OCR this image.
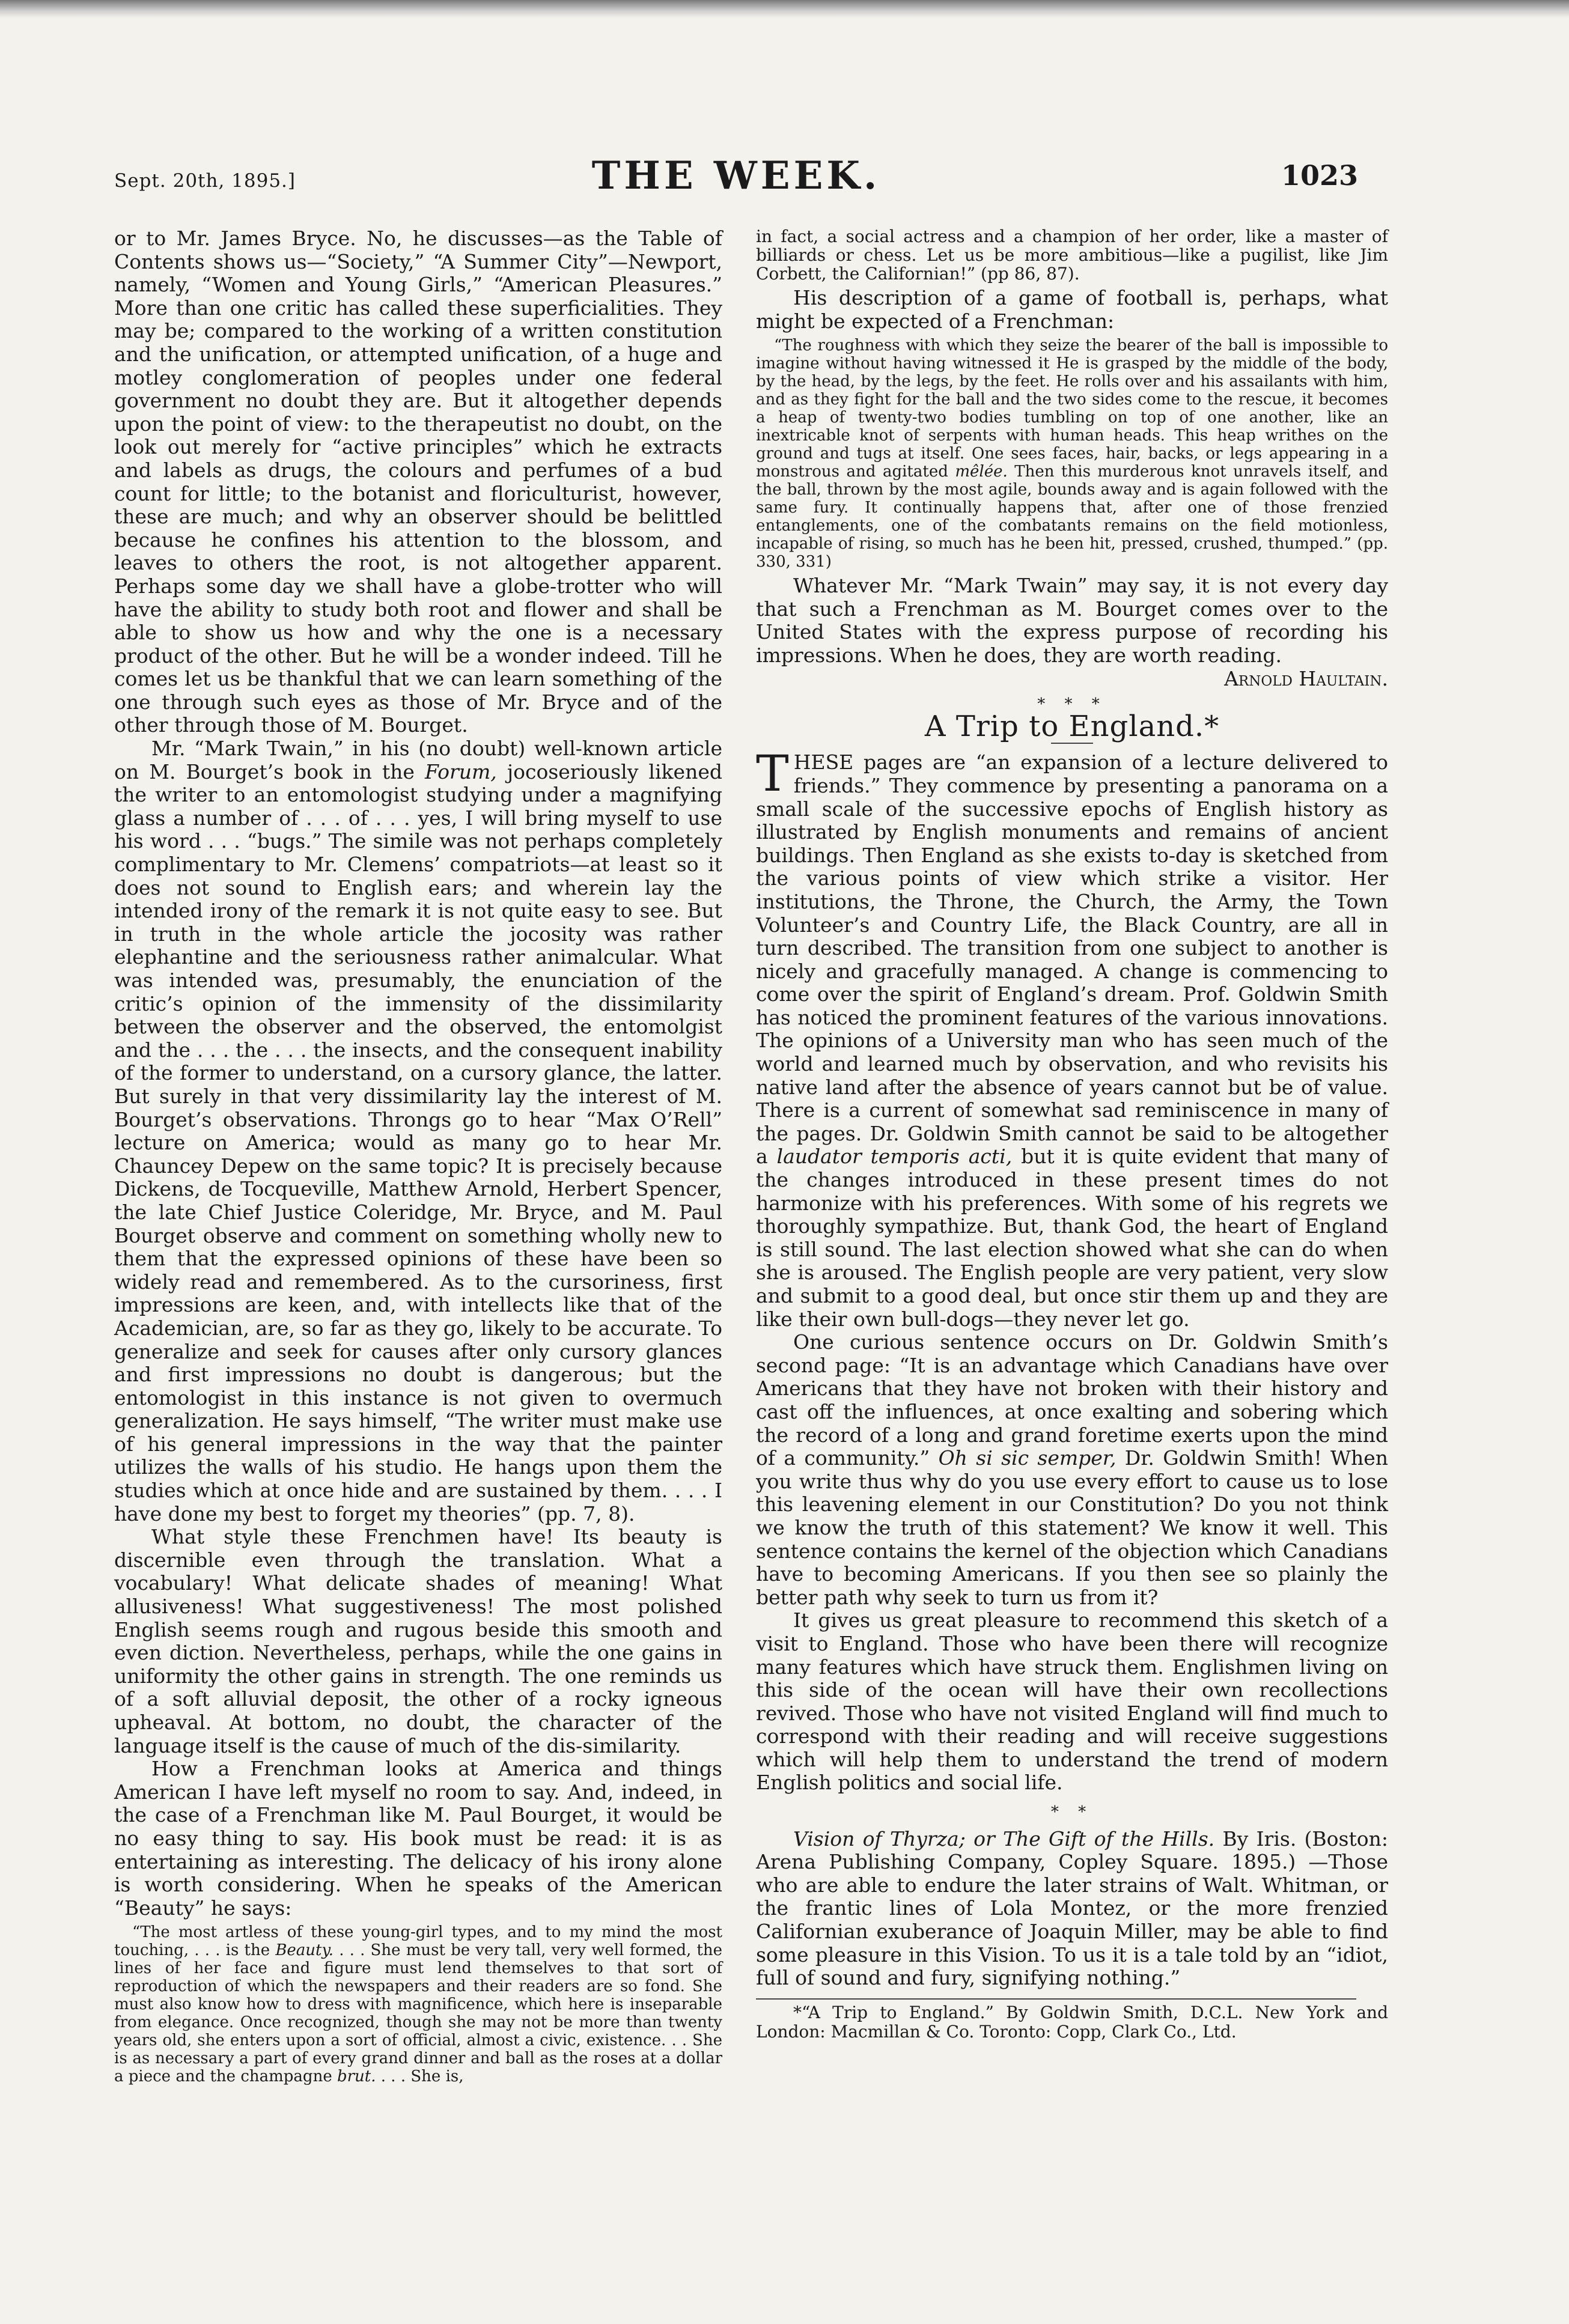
Sept. 20th, 1895.]	THE WEEK.	1023

or to Mr. James Bryce. No, he discusses—as the Table of Contents shows us—“Society,” “A Summer City”—Newport, namely, “Women and Young Girls,” “American Pleasures.” More than one critic has called these superficialities. They may be; compared to the working of a written constitution and the unification, or attempted unification, of a huge and motley conglomeration of peoples under one federal government no doubt they are. But it altogether depends upon the point of view: to the therapeutist no doubt, on the look out merely for “active principles” which he extracts and labels as drugs, the colours and perfumes of a bud count for little; to the botanist and floriculturist, however, these are much; and why an observer should be belittled because he confines his attention to the blossom, and leaves to others the root, is not altogether apparent. Perhaps some day we shall have a globe-trotter who will have the ability to study both root and flower and shall be able to show us how and why the one is a necessary product of the other. But he will be a wonder indeed. Till he comes let us be thankful that we can learn something of the one through such eyes as those of Mr. Bryce and of the other through those of M. Bourget.

Mr. “Mark Twain,” in his (no doubt) well-known article on M. Bourget’s book in the Forum, jocoseriously likened the writer to an entomologist studying under a magnifying glass a number of . . . of . . . yes, I will bring myself to use his word . . . “bugs.” The simile was not perhaps completely complimentary to Mr. Clemens’ compatriots—at least so it does not sound to English ears; and wherein lay the intended irony of the remark it is not quite easy to see. But in truth in the whole article the jocosity was rather elephantine and the seriousness rather animalcular. What was intended was, presumably, the enunciation of the critic’s opinion of the immensity of the dissimilarity between the observer and the observed, the entomolgist and the . . . the . . . the insects, and the consequent inability of the former to understand, on a cursory glance, the latter. But surely in that very dissimilarity lay the interest of M. Bourget’s observations. Throngs go to hear “Max O’Rell” lecture on America; would as many go to hear Mr. Chauncey Depew on the same topic? It is precisely because Dickens, de Tocqueville, Matthew Arnold, Herbert Spencer, the late Chief Justice Coleridge, Mr. Bryce, and M. Paul Bourget observe and comment on something wholly new to them that the expressed opinions of these have been so widely read and remembered. As to the cursoriness, first impressions are keen, and, with intellects like that of the Academician, are, so far as they go, likely to be accurate. To generalize and seek for causes after only cursory glances and first impressions no doubt is dangerous; but the entomologist in this instance is not given to overmuch generalization. He says himself, “The writer must make use of his general impressions in the way that the painter utilizes the walls of his studio. He hangs upon them the studies which at once hide and are sustained by them. . . . I have done my best to forget my theories” (pp. 7, 8).

What style these Frenchmen have! Its beauty is discernible even through the translation. What a vocabulary! What delicate shades of meaning! What allusiveness! What suggestiveness! The most polished English seems rough and rugous beside this smooth and even diction. Nevertheless, perhaps, while the one gains in uniformity the other gains in strength. The one reminds us of a soft alluvial deposit, the other of a rocky igneous upheaval. At bottom, no doubt, the character of the language itself is the cause of much of the dis-similarity.

How a Frenchman looks at America and things American I have left myself no room to say. And, indeed, in the case of a Frenchman like M. Paul Bourget, it would be no easy thing to say. His book must be read: it is as entertaining as interesting. The delicacy of his irony alone is worth considering. When he speaks of the American “Beauty” he says:

“The most artless of these young-girl types, and to my mind the most touching, . . . is the Beauty. . . . She must be very tall, very well formed, the lines of her face and figure must lend themselves to that sort of reproduction of which the newspapers and their readers are so fond. She must also know how to dress with magnificence, which here is inseparable from elegance. Once recognized, though she may not be more than twenty years old, she enters upon a sort of official, almost a civic, existence. . . She is as necessary a part of every grand dinner and ball as the roses at a dollar a piece and the champagne brut. . . . She is,
in fact, a social actress and a champion of her order, like a master of billiards or chess. Let us be more ambitious—like a pugilist, like Jim Corbett, the Californian!” (pp 86, 87).

His description of a game of football is, perhaps, what might be expected of a Frenchman:

“The roughness with which they seize the bearer of the ball is impossible to imagine without having witnessed it He is grasped by the middle of the body, by the head, by the legs, by the feet. He rolls over and his assailants with him, and as they fight for the ball and the two sides come to the rescue, it becomes a heap of twenty-two bodies tumbling on top of one another, like an inextricable knot of serpents with human heads. This heap writhes on the ground and tugs at itself. One sees faces, hair, backs, or legs appearing in a monstrous and agitated mêlée. Then this murderous knot unravels itself, and the ball, thrown by the most agile, bounds away and is again followed with the same fury. It continually happens that, after one of those frenzied entanglements, one of the combatants remains on the field motionless, incapable of rising, so much has he been hit, pressed, crushed, thumped.” (pp. 330, 331)

Whatever Mr. “Mark Twain” may say, it is not every day that such a Frenchman as M. Bourget comes over to the United States with the express purpose of recording his impressions. When he does, they are worth reading.

Arnold Haultain.

* * *
A Trip to England.*

THESE pages are “an expansion of a lecture delivered to friends.” They commence by presenting a panorama on a small scale of the successive epochs of English history as illustrated by English monuments and remains of ancient buildings. Then England as she exists to-day is sketched from the various points of view which strike a visitor. Her institutions, the Throne, the Church, the Army, the Town Volunteer’s and Country Life, the Black Country, are all in turn described. The transition from one subject to another is nicely and gracefully managed. A change is commencing to come over the spirit of England’s dream. Prof. Goldwin Smith has noticed the prominent features of the various innovations. The opinions of a University man who has seen much of the world and learned much by observation, and who revisits his native land after the absence of years cannot but be of value. There is a current of somewhat sad reminiscence in many of the pages. Dr. Goldwin Smith cannot be said to be altogether a laudator temporis acti, but it is quite evident that many of the changes introduced in these present times do not harmonize with his preferences. With some of his regrets we thoroughly sympathize. But, thank God, the heart of England is still sound. The last election showed what she can do when she is aroused. The English people are very patient, very slow and submit to a good deal, but once stir them up and they are like their own bull-dogs—they never let go.

One curious sentence occurs on Dr. Goldwin Smith’s second page: “It is an advantage which Canadians have over Americans that they have not broken with their history and cast off the influences, at once exalting and sobering which the record of a long and grand foretime exerts upon the mind of a community.” Oh si sic semper, Dr. Goldwin Smith! When you write thus why do you use every effort to cause us to lose this leavening element in our Constitution? Do you not think we know the truth of this statement? We know it well. This sentence contains the kernel of the objection which Canadians have to becoming Americans. If you then see so plainly the better path why seek to turn us from it?

It gives us great pleasure to recommend this sketch of a visit to England. Those who have been there will recognize many features which have struck them. Englishmen living on this side of the ocean will have their own recollections revived. Those who have not visited England will find much to correspond with their reading and will receive suggestions which will help them to understand the trend of modern English politics and social life.

* *

Vision of Thyrza; or The Gift of the Hills. By Iris. (Boston: Arena Publishing Company, Copley Square. 1895.) —Those who are able to endure the later strains of Walt. Whitman, or the frantic lines of Lola Montez, or the more frenzied Californian exuberance of Joaquin Miller, may be able to find some pleasure in this Vision. To us it is a tale told by an “idiot, full of sound and fury, signifying nothing.”

*“A Trip to England.” By Goldwin Smith, D.C.L. New York and London: Macmillan & Co. Toronto: Copp, Clark Co., Ltd.
